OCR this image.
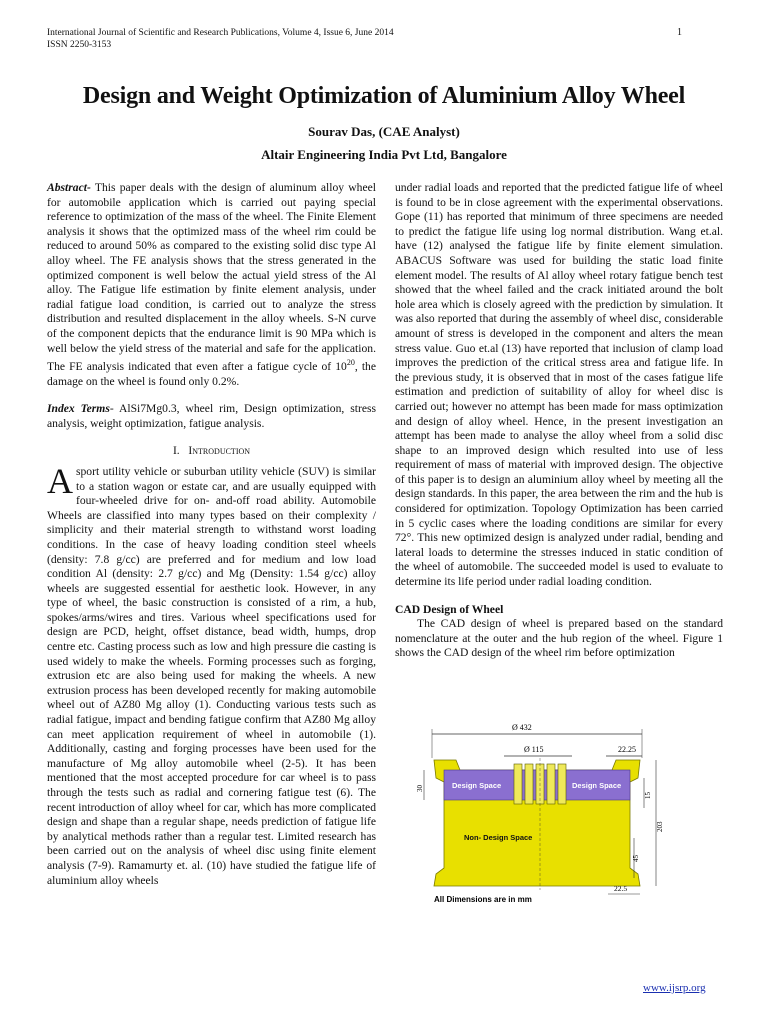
International Journal of Scientific and Research Publications, Volume 4, Issue 6, June 2014
ISSN 2250-3153
1
Design and Weight Optimization of Aluminium Alloy Wheel
Sourav Das, (CAE Analyst)
Altair Engineering India Pvt Ltd, Bangalore

Abstract- This paper deals with the design of aluminum alloy wheel for automobile application which is carried out paying special reference to optimization of the mass of the wheel. The Finite Element analysis it shows that the optimized mass of the wheel rim could be reduced to around 50% as compared to the existing solid disc type Al alloy wheel. The FE analysis shows that the stress generated in the optimized component is well below the actual yield stress of the Al alloy. The Fatigue life estimation by finite element analysis, under radial fatigue load condition, is carried out to analyze the stress distribution and resulted displacement in the alloy wheels. S-N curve of the component depicts that the endurance limit is 90 MPa which is well below the yield stress of the material and safe for the application. The FE analysis indicated that even after a fatigue cycle of $10^{20}$, the damage on the wheel is found only 0.2%.

Index Terms- AlSi7Mg0.3, wheel rim, Design optimization, stress analysis, weight optimization, fatigue analysis.

I. Introduction

Asport utility vehicle or suburban utility vehicle (SUV) is similar to a station wagon or estate car, and are usually equipped with four-wheeled drive for on- and-off road ability. Automobile Wheels are classified into many types based on their complexity / simplicity and their material strength to withstand worst loading conditions. In the case of heavy loading condition steel wheels (density: 7.8 g/cc) are preferred and for medium and low load condition Al (density: 2.7 g/cc) and Mg (Density: 1.54 g/cc) alloy wheels are suggested essential for aesthetic look. However, in any type of wheel, the basic construction is consisted of a rim, a hub, spokes/arms/wires and tires. Various wheel specifications used for design are PCD, height, offset distance, bead width, humps, drop centre etc. Casting process such as low and high pressure die casting is used widely to make the wheels. Forming processes such as forging, extrusion etc are also being used for making the wheels. A new extrusion process has been developed recently for making automobile wheel out of AZ80 Mg alloy (1). Conducting various tests such as radial fatigue, impact and bending fatigue confirm that AZ80 Mg alloy can meet application requirement of wheel in automobile (1). Additionally, casting and forging processes have been used for the manufacture of Mg alloy automobile wheel (2-5). It has been mentioned that the most accepted procedure for car wheel is to pass through the tests such as radial and cornering fatigue test (6). The recent introduction of alloy wheel for car, which has more complicated design and shape than a regular shape, needs prediction of fatigue life by analytical methods rather than a regular test. Limited research has been carried out on the analysis of wheel disc using finite element analysis (7-9). Ramamurty et. al. (10) have studied the fatigue life of aluminium alloy wheels

under radial loads and reported that the predicted fatigue life of wheel is found to be in close agreement with the experimental observations. Gope (11) has reported that minimum of three specimens are needed to predict the fatigue life using log normal distribution. Wang et.al. have (12) analysed the fatigue life by finite element simulation. ABACUS Software was used for building the static load finite element model. The results of Al alloy wheel rotary fatigue bench test showed that the wheel failed and the crack initiated around the bolt hole area which is closely agreed with the prediction by simulation. It was also reported that during the assembly of wheel disc, considerable amount of stress is developed in the component and alters the mean stress value. Guo et.al (13) have reported that inclusion of clamp load improves the prediction of the critical stress area and fatigue life. In the previous study, it is observed that in most of the cases fatigue life estimation and prediction of suitability of alloy for wheel disc is carried out; however no attempt has been made for mass optimization and design of alloy wheel. Hence, in the present investigation an attempt has been made to analyse the alloy wheel from a solid disc shape to an improved design which resulted into use of less requirement of mass of material with improved design. The objective of this paper is to design an aluminium alloy wheel by meeting all the design standards. In this paper, the area between the rim and the hub is considered for optimization. Topology Optimization has been carried in 5 cyclic cases where the loading conditions are similar for every 72°. This new optimized design is analyzed under radial, bending and lateral loads to determine the stresses induced in static condition of the wheel of automobile. The succeeded model is used to evaluate to determine its life period under radial loading condition.

CAD Design of Wheel

The CAD design of wheel is prepared based on the standard nomenclature at the outer and the hub region of the wheel. Figure 1 shows the CAD design of the wheel rim before optimization

Ø 432
Ø 115	22.25
Design Space	Design Space
Non- Design Space
30
15
203
45
22.5
All Dimensions are in mm
www.ijsrp.org
